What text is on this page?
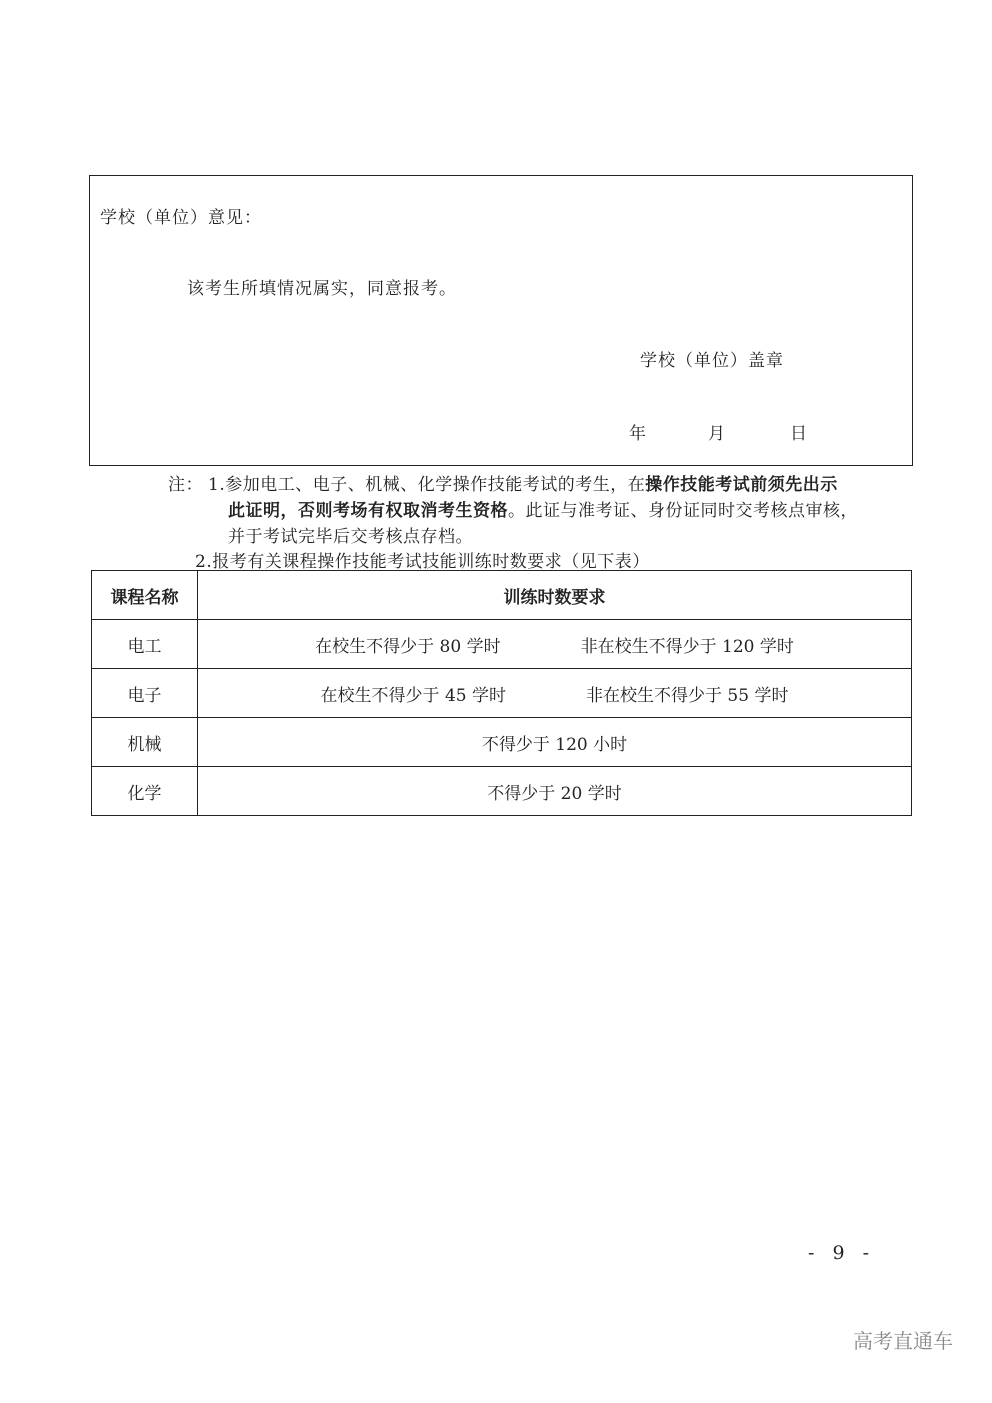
学校（单位）意见：
该考生所填情况属实，同意报考。
学校（单位）盖章
年	月	日
注： 1.参加电工、电子、机械、化学操作技能考试的考生，在操作技能考试前须先出示
此证明，否则考场有权取消考生资格。此证与准考证、身份证同时交考核点审核，
并于考试完毕后交考核点存档。
2.报考有关课程操作技能考试技能训练时数要求（见下表）
课程名称	训练时数要求
电工	在校生不得少于 80 学时 非在校生不得少于 120 学时

电子	在校生不得少于 45 学时 非在校生不得少于 55 学时

机械	不得少于 120 小时
化学	不得少于 20 学时
- 9 -
高考直通车
